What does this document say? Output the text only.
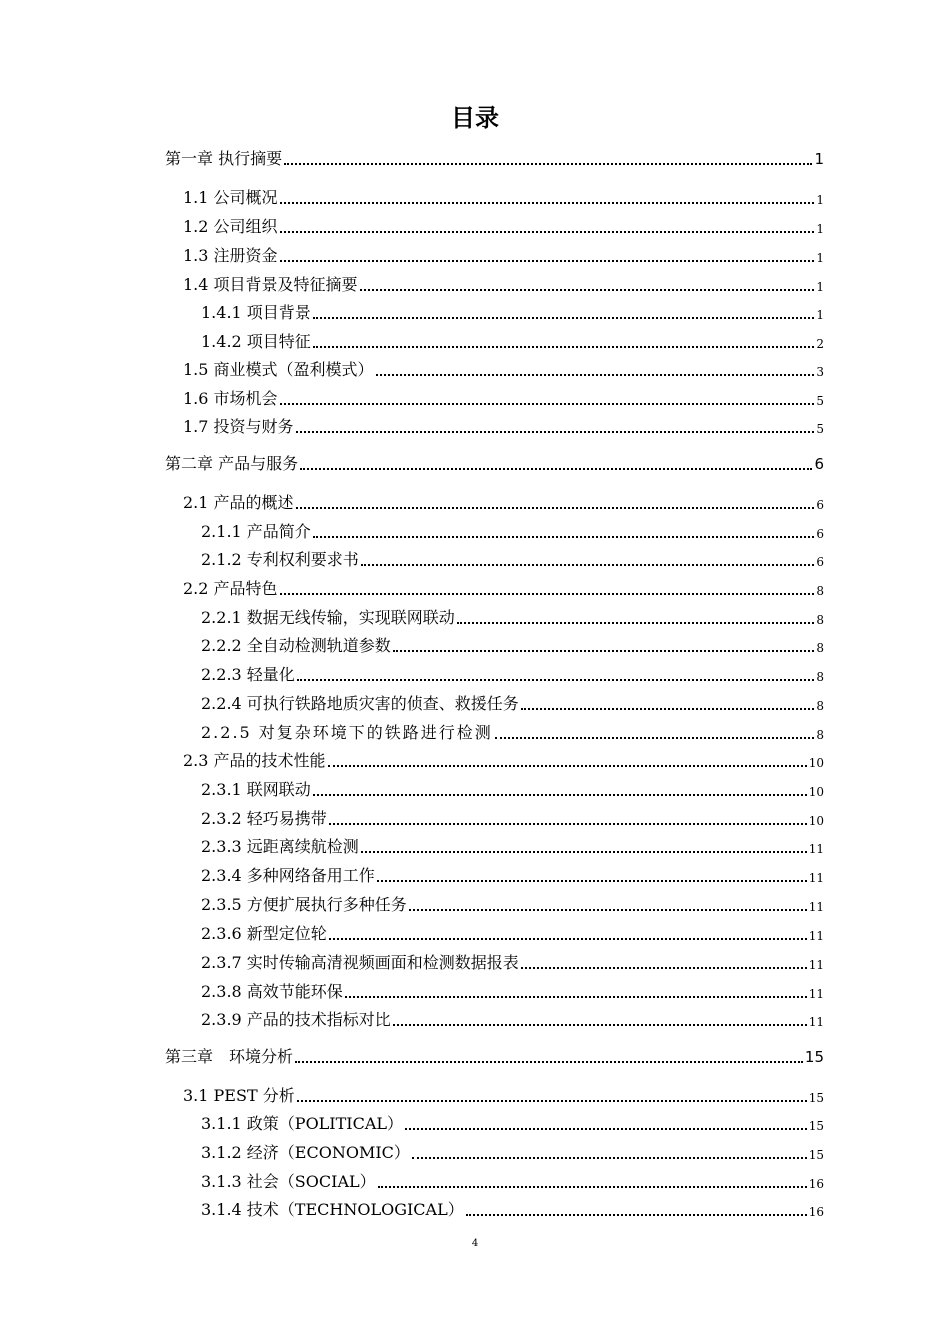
目录
第一章 执行摘要	1
1.1 公司概况	1
1.2 公司组织	1
1.3 注册资金	1
1.4 项目背景及特征摘要	1
1.4.1 项目背景	1
1.4.2 项目特征	2
1.5 商业模式（盈利模式）	3
1.6 市场机会	5
1.7 投资与财务	5
第二章 产品与服务	6
2.1 产品的概述	6
2.1.1 产品简介	6
2.1.2 专利权利要求书	6
2.2 产品特色	8
2.2.1 数据无线传输，实现联网联动	8
2.2.2 全自动检测轨道参数	8
2.2.3 轻量化	8
2.2.4 可执行铁路地质灾害的侦查、救援任务	8
2.2.5 对复杂环境下的铁路进行检测	8
2.3 产品的技术性能	10
2.3.1 联网联动	10
2.3.2 轻巧易携带	10
2.3.3 远距离续航检测	11
2.3.4 多种网络备用工作	11
2.3.5 方便扩展执行多种任务	11
2.3.6 新型定位轮	11
2.3.7 实时传输高清视频画面和检测数据报表	11
2.3.8 高效节能环保	11
2.3.9 产品的技术指标对比	11
第三章　环境分析	15
3.1 PEST 分析	15
3.1.1 政策（POLITICAL）	15
3.1.2 经济（ECONOMIC）	15
3.1.3 社会（SOCIAL）	16
3.1.4 技术（TECHNOLOGICAL）	16
4
